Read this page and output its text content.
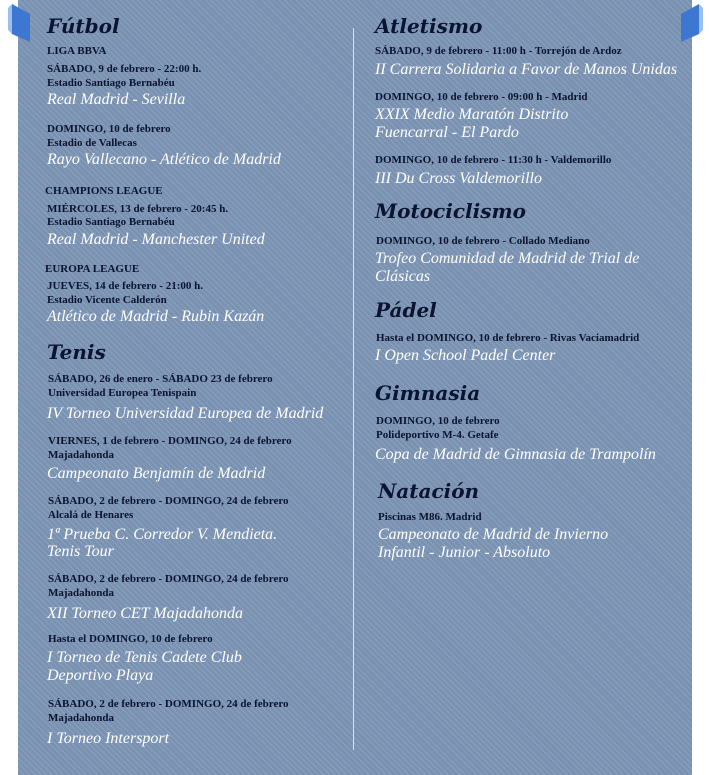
Fútbol
LIGA BBVA
SÁBADO, 9 de febrero - 22:00 h.
Estadio Santiago Bernabéu
Real Madrid - Sevilla
DOMINGO, 10 de febrero
Estadio de Vallecas
Rayo Vallecano - Atlético de Madrid
CHAMPIONS LEAGUE
MIÉRCOLES, 13 de febrero - 20:45 h.
Estadio Santiago Bernabéu
Real Madrid - Manchester United
EUROPA LEAGUE
JUEVES, 14 de febrero - 21:00 h.
Estadio Vicente Calderón
Atlético de Madrid - Rubin Kazán
Tenis
SÁBADO, 26 de enero - SÁBADO 23 de febrero
Universidad Europea Tenispain
IV Torneo Universidad Europea de Madrid
VIERNES, 1 de febrero - DOMINGO, 24 de febrero
Majadahonda
Campeonato Benjamín de Madrid
SÁBADO, 2 de febrero - DOMINGO, 24 de febrero
Alcalá de Henares
1ª Prueba C. Corredor V. Mendieta.
Tenis Tour
SÁBADO, 2 de febrero - DOMINGO, 24 de febrero
Majadahonda
XII Torneo CET Majadahonda
Hasta el DOMINGO, 10 de febrero
I Torneo de Tenis Cadete Club
Deportivo Playa
SÁBADO, 2 de febrero - DOMINGO, 24 de febrero
Majadahonda
I Torneo Intersport
Atletismo
SÁBADO, 9 de febrero - 11:00 h - Torrejón de Ardoz
II Carrera Solidaria a Favor de Manos Unidas
DOMINGO, 10 de febrero - 09:00 h - Madrid
XXIX Medio Maratón Distrito
Fuencarral - El Pardo
DOMINGO, 10 de febrero - 11:30 h - Valdemorillo
III Du Cross Valdemorillo
Motociclismo
DOMINGO, 10 de febrero - Collado Mediano
Trofeo Comunidad de Madrid de Trial de
Clásicas
Pádel
Hasta el DOMINGO, 10 de febrero - Rivas Vaciamadrid
I Open School Padel Center
Gimnasia
DOMINGO, 10 de febrero
Polideportivo M-4. Getafe
Copa de Madrid de Gimnasia de Trampolín
Natación
Piscinas M86. Madrid
Campeonato de Madrid de Invierno
Infantil - Junior - Absoluto
